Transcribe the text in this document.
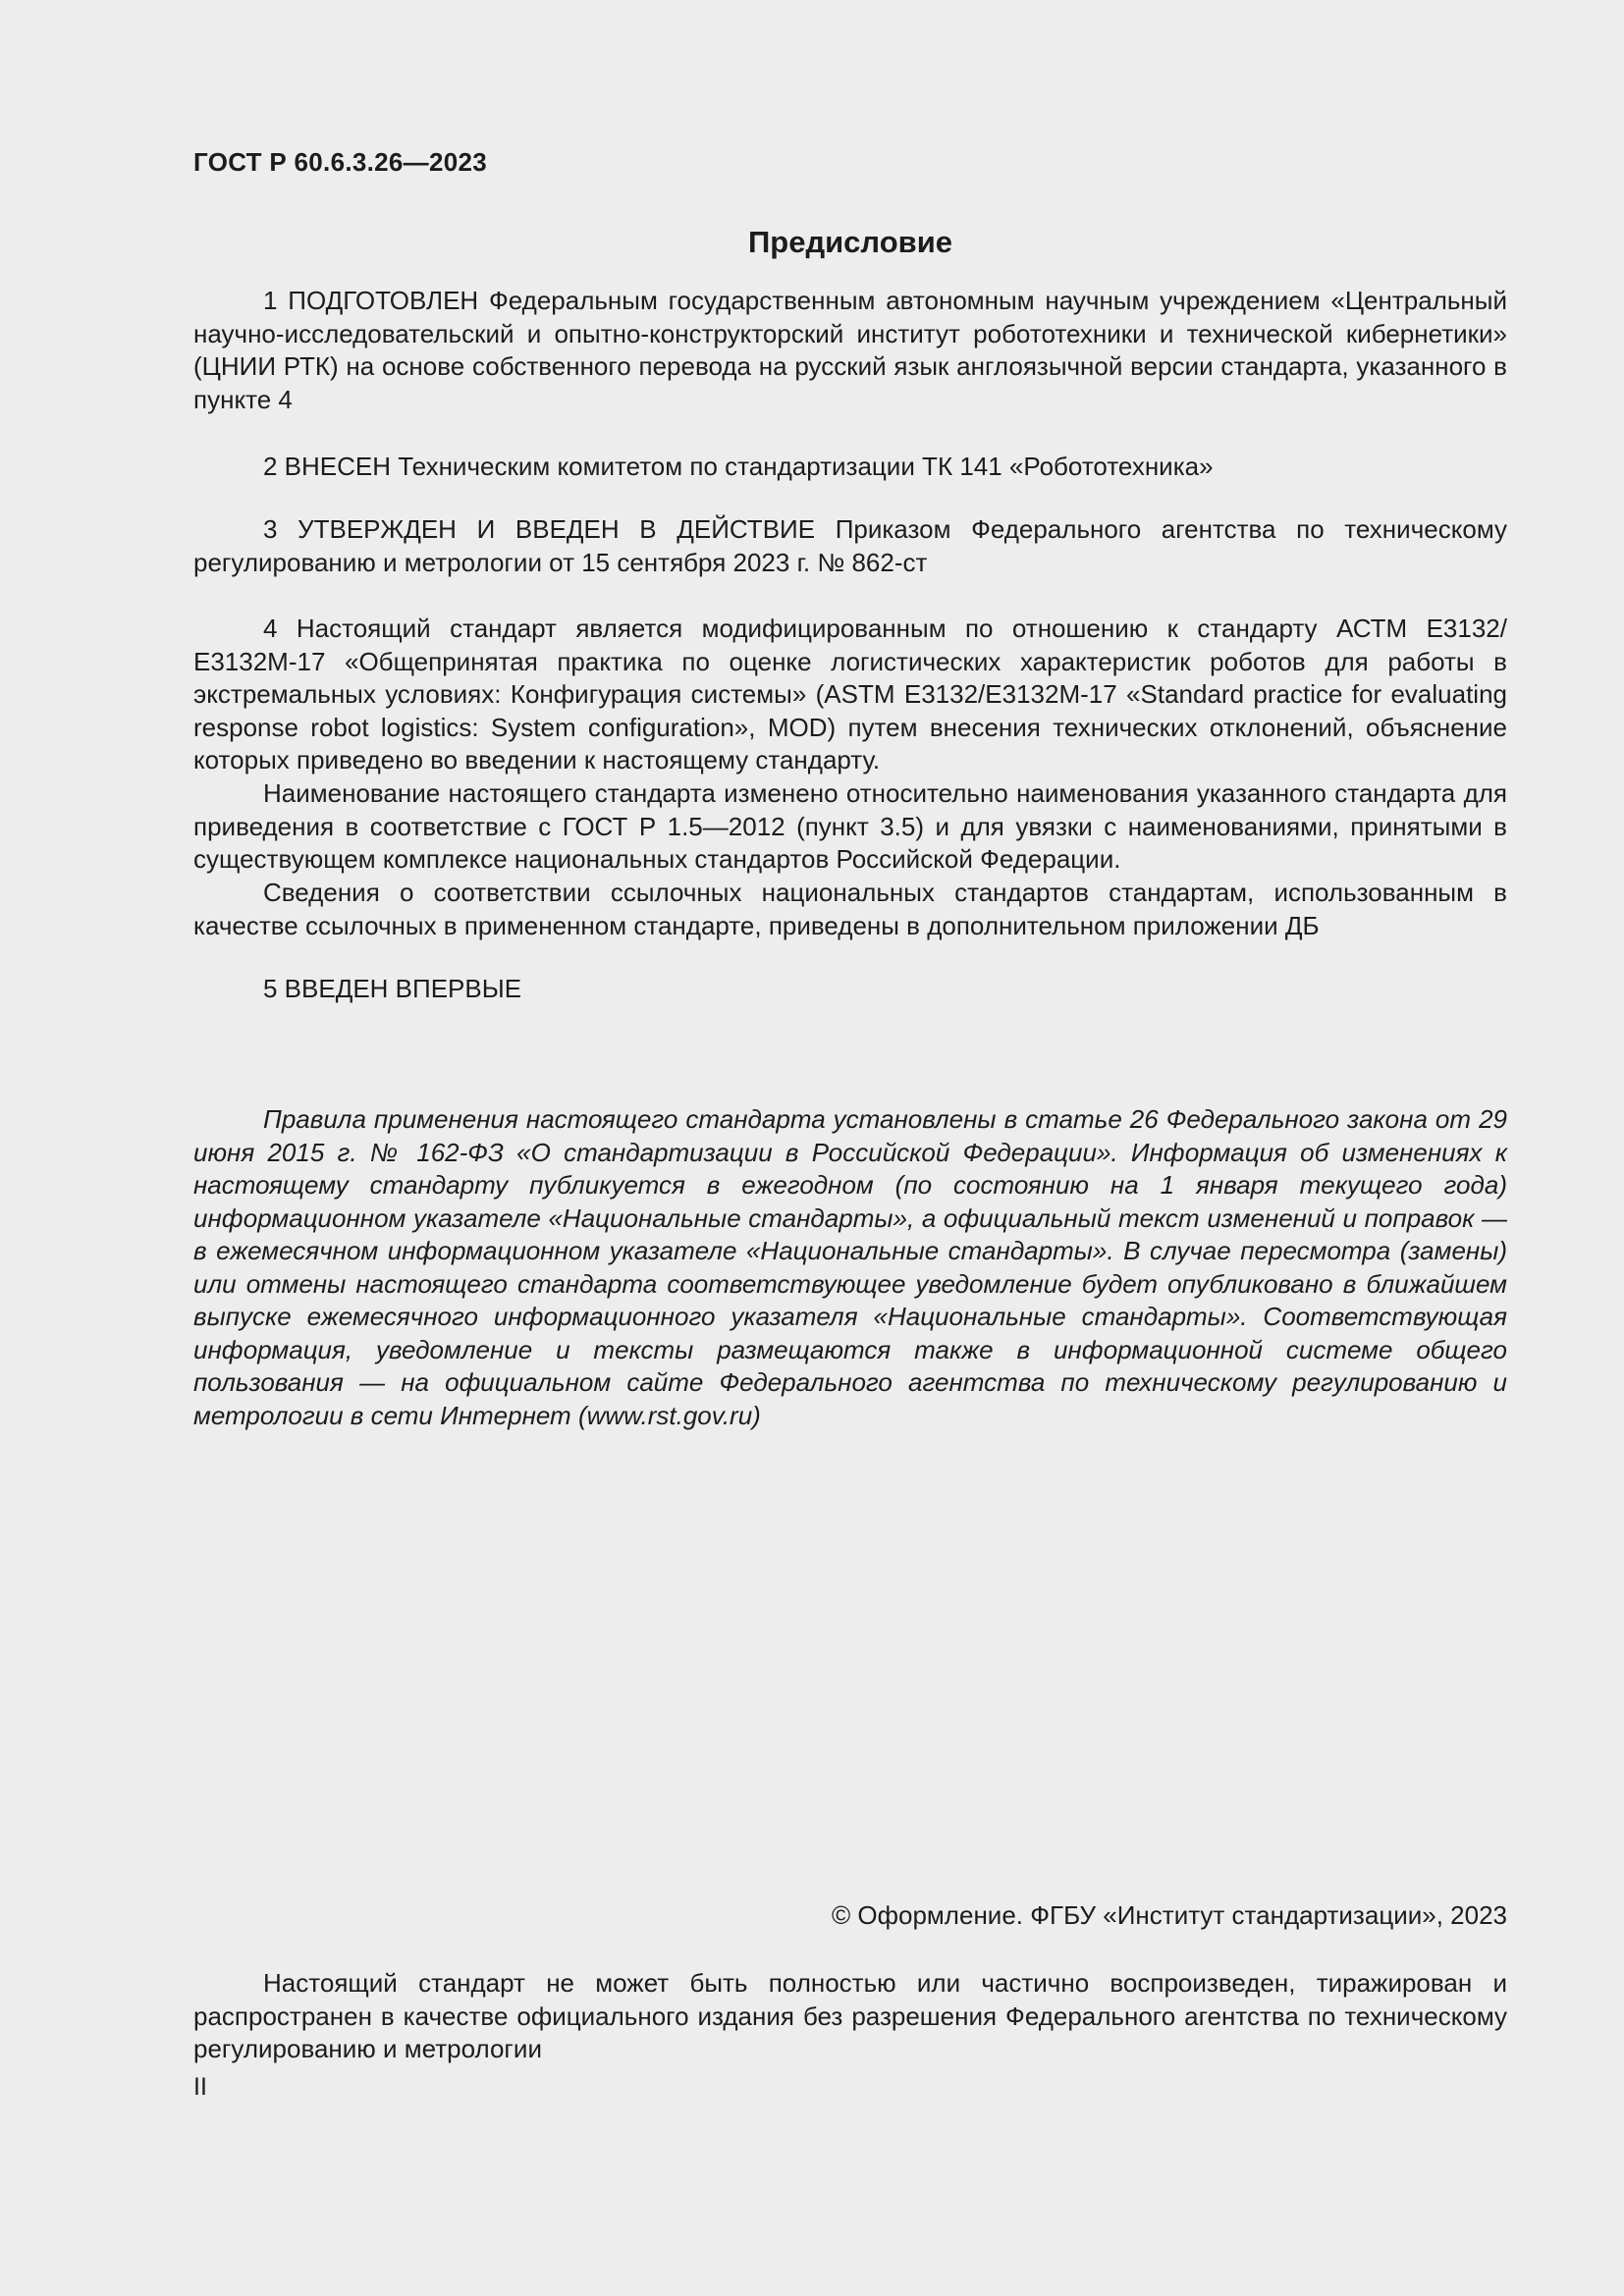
ГОСТ Р 60.6.3.26—2023
Предисловие

1 ПОДГОТОВЛЕН Федеральным государственным автономным научным учреждением «Центральный научно-исследовательский и опытно-конструкторский институт робототехники и технической кибернетики» (ЦНИИ РТК) на основе собственного перевода на русский язык англоязычной версии стандарта, указанного в пункте 4

2 ВНЕСЕН Техническим комитетом по стандартизации ТК 141 «Робототехника»

3 УТВЕРЖДЕН И ВВЕДЕН В ДЕЙСТВИЕ Приказом Федерального агентства по техническому регулированию и метрологии от 15 сентября 2023 г. № 862-ст

4 Настоящий стандарт является модифицированным по отношению к стандарту АСТМ Е3132/Е3132М-17 «Общепринятая практика по оценке логистических характеристик роботов для работы в экстремальных условиях: Конфигурация системы» (ASTM E3132/E3132M-17 «Standard practice for evaluating response robot logistics: System configuration», MOD) путем внесения технических отклонений, объяснение которых приведено во введении к настоящему стандарту.

Наименование настоящего стандарта изменено относительно наименования указанного стандарта для приведения в соответствие с ГОСТ Р 1.5—2012 (пункт 3.5) и для увязки с наименованиями, принятыми в существующем комплексе национальных стандартов Российской Федерации.

Сведения о соответствии ссылочных национальных стандартов стандартам, использованным в качестве ссылочных в примененном стандарте, приведены в дополнительном приложении ДБ

5 ВВЕДЕН ВПЕРВЫЕ

Правила применения настоящего стандарта установлены в статье 26 Федерального закона от 29 июня 2015 г. № 162-ФЗ «О стандартизации в Российской Федерации». Информация об изменениях к настоящему стандарту публикуется в ежегодном (по состоянию на 1 января текущего года) информационном указателе «Национальные стандарты», а официальный текст изменений и поправок — в ежемесячном информационном указателе «Национальные стандарты». В случае пересмотра (замены) или отмены настоящего стандарта соответствующее уведомление будет опубликовано в ближайшем выпуске ежемесячного информационного указателя «Национальные стандарты». Соответствующая информация, уведомление и тексты размещаются также в информационной системе общего пользования — на официальном сайте Федерального агентства по техническому регулированию и метрологии в сети Интернет (www.rst.gov.ru)

© Оформление. ФГБУ «Институт стандартизации», 2023

Настоящий стандарт не может быть полностью или частично воспроизведен, тиражирован и распространен в качестве официального издания без разрешения Федерального агентства по техническому регулированию и метрологии

II
